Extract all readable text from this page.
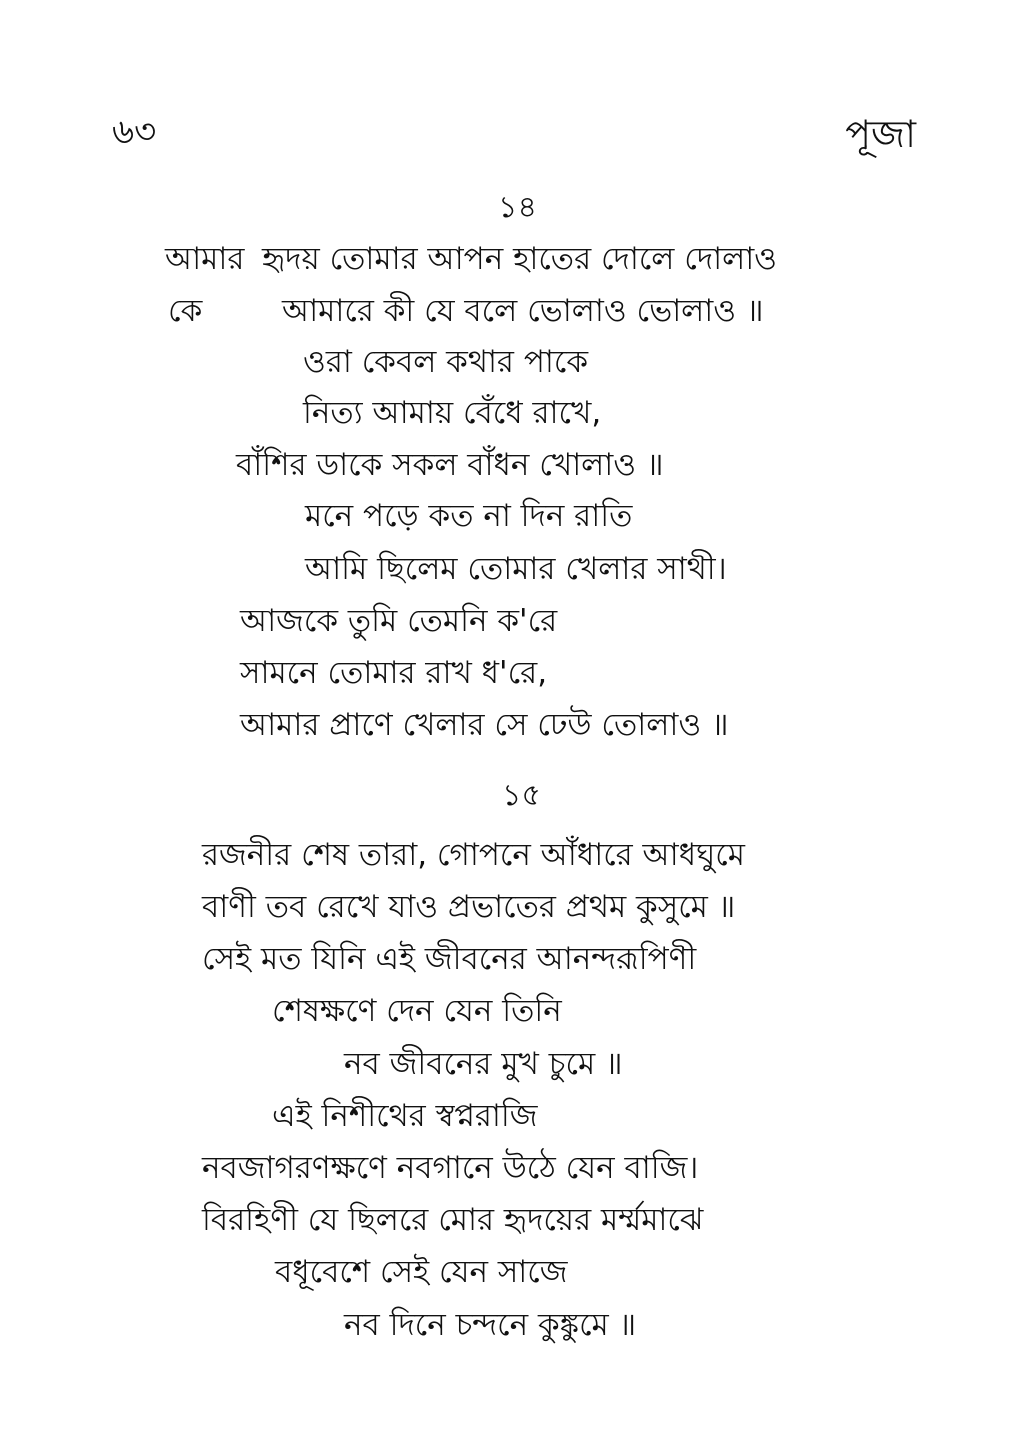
৬৩	পূজা
১৪
আমার হৃদয় তোমার আপন হাতের দোলে দোলাও
কে	আমারে কী যে বলে ভোলাও ভোলাও ॥
ওরা কেবল কথার পাকে
নিত্য আমায় বেঁধে রাখে,
বাঁশির ডাকে সকল বাঁধন খোলাও ॥
মনে পড়ে কত না দিন রাতি
আমি ছিলেম তোমার খেলার সাথী।
আজকে তুমি তেমনি ক'রে
সামনে তোমার রাখ ধ'রে,
আমার প্রাণে খেলার সে ঢেউ তোলাও ॥
১৫
রজনীর শেষ তারা, গোপনে আঁধারে আধঘুমে
বাণী তব রেখে যাও প্রভাতের প্রথম কুসুমে ॥
সেই মত যিনি এই জীবনের আনন্দরূপিণী
শেষক্ষণে দেন যেন তিনি
নব জীবনের মুখ চুমে ॥
এই নিশীথের স্বপ্নরাজি
নবজাগরণক্ষণে নবগানে উঠে যেন বাজি।
বিরহিণী যে ছিলরে মোর হৃদয়ের মর্ম্মমাঝে
বধূবেশে সেই যেন সাজে
নব দিনে চন্দনে কুঙ্কুমে ॥
